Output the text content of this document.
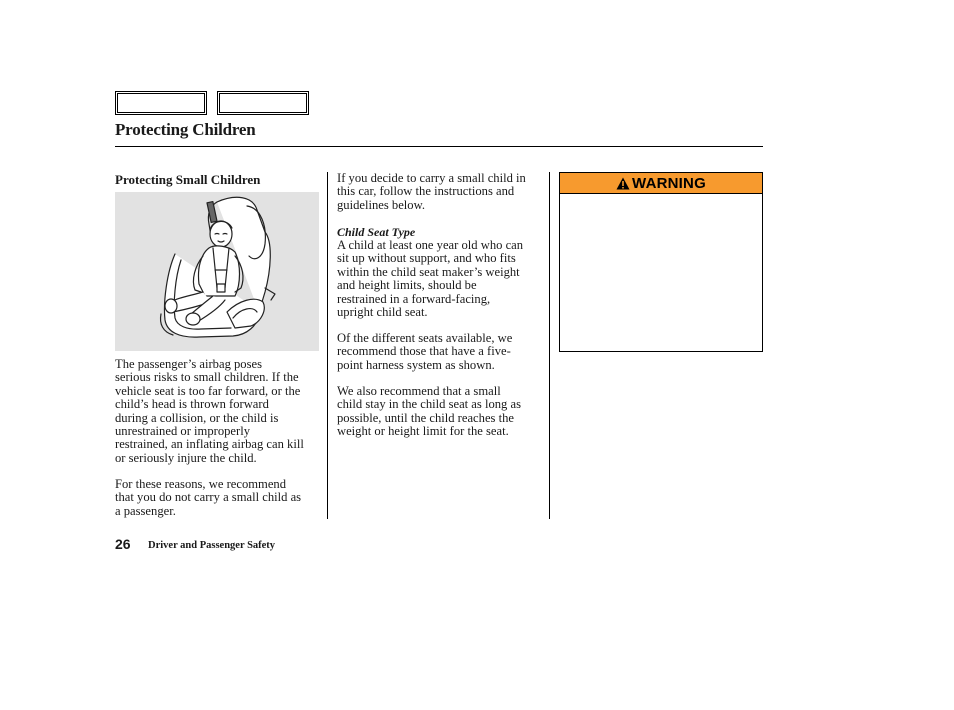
Protecting Children
Protecting Small Children

The passenger’s airbag poses
serious risks to small children. If the
vehicle seat is too far forward, or the
child’s head is thrown forward
during a collision, or the child is
unrestrained or improperly
restrained, an inflating airbag can kill
or seriously injure the child.

For these reasons, we recommend
that you do not carry a small child as
a passenger.

If you decide to carry a small child in
this car, follow the instructions and
guidelines below.

Child Seat Type

A child at least one year old who can
sit up without support, and who fits
within the child seat maker’s weight
and height limits, should be
restrained in a forward-facing,
upright child seat.

Of the different seats available, we
recommend those that have a five-
point harness system as shown.

We also recommend that a small
child stay in the child seat as long as
possible, until the child reaches the
weight or height limit for the seat.

WARNING

26 Driver and Passenger Safety
